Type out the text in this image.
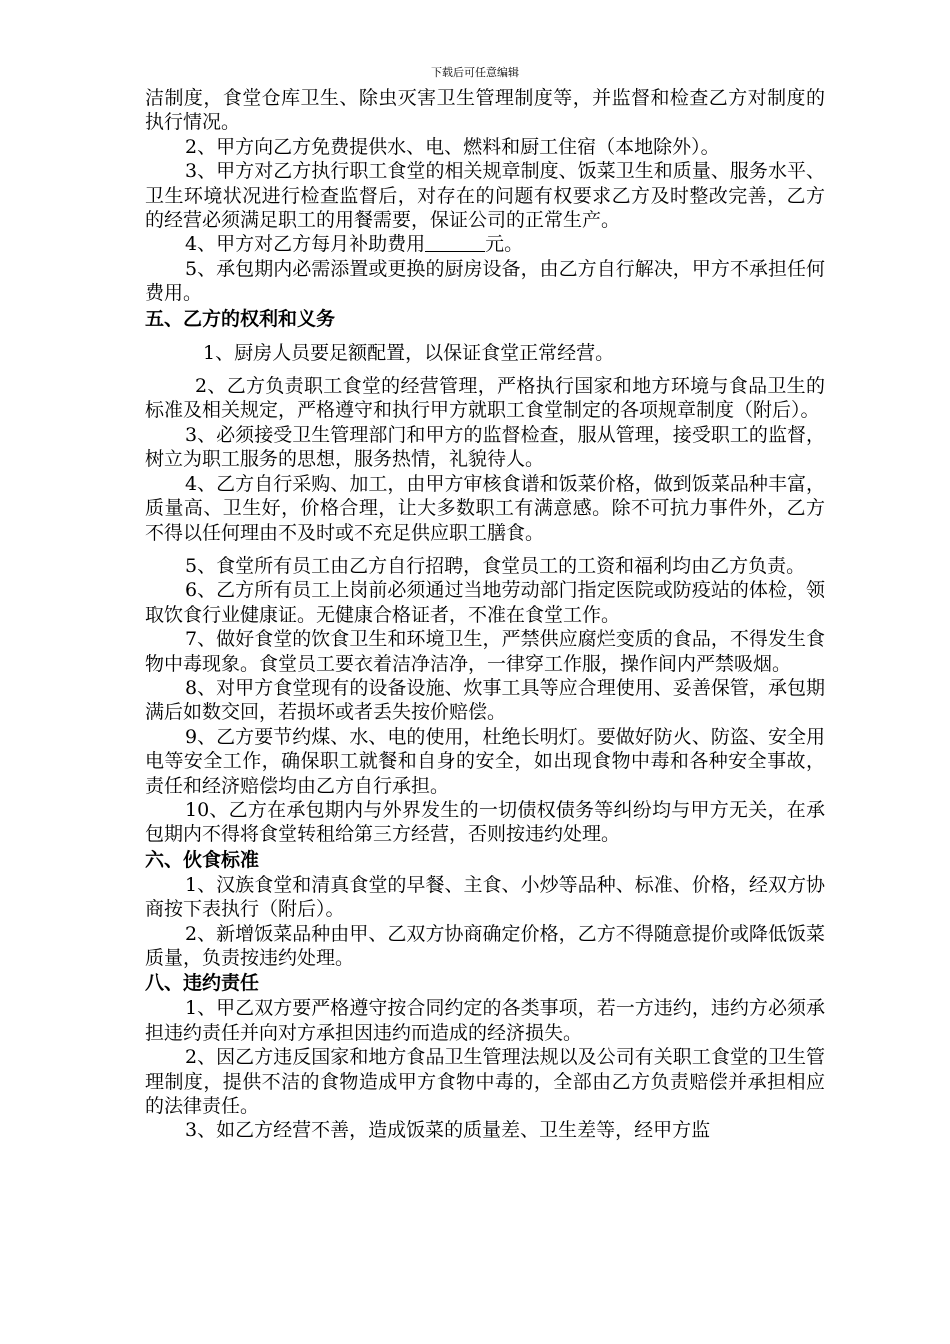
下载后可任意编辑

洁制度，食堂仓库卫生、除虫灭害卫生管理制度等，并监督和检查乙方对制度的执行情况。

2、甲方向乙方免费提供水、电、燃料和厨工住宿（本地除外）。

3、甲方对乙方执行职工食堂的相关规章制度、饭菜卫生和质量、服务水平、卫生环境状况进行检查监督后，对存在的问题有权要求乙方及时整改完善，乙方的经营必须满足职工的用餐需要，保证公司的正常生产。

4、甲方对乙方每月补助费用	元。

5、承包期内必需添置或更换的厨房设备，由乙方自行解决，甲方不承担任何费用。

五、乙方的权利和义务

1、厨房人员要足额配置，以保证食堂正常经营。

2、乙方负责职工食堂的经营管理，严格执行国家和地方环境与食品卫生的标准及相关规定，严格遵守和执行甲方就职工食堂制定的各项规章制度（附后）。

3、必须接受卫生管理部门和甲方的监督检查，服从管理，接受职工的监督，树立为职工服务的思想，服务热情，礼貌待人。

4、乙方自行采购、加工，由甲方审核食谱和饭菜价格，做到饭菜品种丰富，质量高、卫生好，价格合理，让大多数职工有满意感。除不可抗力事件外，乙方不得以任何理由不及时或不充足供应职工膳食。

5、食堂所有员工由乙方自行招聘，食堂员工的工资和福利均由乙方负责。

6、乙方所有员工上岗前必须通过当地劳动部门指定医院或防疫站的体检，领取饮食行业健康证。无健康合格证者，不准在食堂工作。

7、做好食堂的饮食卫生和环境卫生，严禁供应腐烂变质的食品，不得发生食物中毒现象。食堂员工要衣着洁净洁净，一律穿工作服，操作间内严禁吸烟。

8、对甲方食堂现有的设备设施、炊事工具等应合理使用、妥善保管，承包期满后如数交回，若损坏或者丢失按价赔偿。

9、乙方要节约煤、水、电的使用，杜绝长明灯。要做好防火、防盗、安全用电等安全工作，确保职工就餐和自身的安全，如出现食物中毒和各种安全事故，责任和经济赔偿均由乙方自行承担。

10、乙方在承包期内与外界发生的一切债权债务等纠纷均与甲方无关，在承包期内不得将食堂转租给第三方经营，否则按违约处理。

六、伙食标准

1、汉族食堂和清真食堂的早餐、主食、小炒等品种、标准、价格，经双方协商按下表执行（附后）。

2、新增饭菜品种由甲、乙双方协商确定价格，乙方不得随意提价或降低饭菜质量，负责按违约处理。

八、违约责任

1、甲乙双方要严格遵守按合同约定的各类事项，若一方违约，违约方必须承担违约责任并向对方承担因违约而造成的经济损失。

2、因乙方违反国家和地方食品卫生管理法规以及公司有关职工食堂的卫生管理制度，提供不洁的食物造成甲方食物中毒的，全部由乙方负责赔偿并承担相应的法律责任。

3、如乙方经营不善，造成饭菜的质量差、卫生差等，经甲方监
